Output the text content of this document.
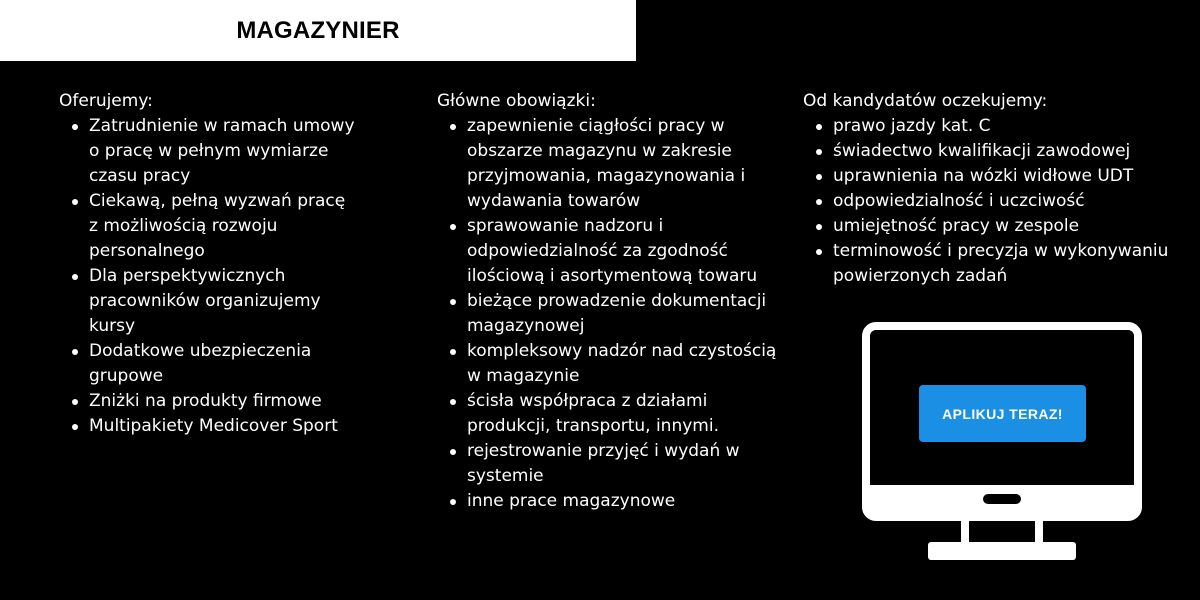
MAGAZYNIER

Oferujemy:

Zatrudnienie w ramach umowy o pracę w pełnym wymiarze czasu pracy
Ciekawą, pełną wyzwań pracę z możliwością rozwoju personalnego
Dla perspektywicznych pracowników organizujemy kursy
Dodatkowe ubezpieczenia grupowe
Zniżki na produkty firmowe
Multipakiety Medicover Sport

Główne obowiązki:

zapewnienie ciągłości pracy w obszarze magazynu w zakresie przyjmowania, magazynowania i wydawania towarów
sprawowanie nadzoru i odpowiedzialność za zgodność ilościową i asortymentową towaru
bieżące prowadzenie dokumentacji magazynowej
kompleksowy nadzór nad czystością w magazynie
ścisła współpraca z działami produkcji, transportu, innymi.
rejestrowanie przyjęć i wydań w systemie
inne prace magazynowe

Od kandydatów oczekujemy:

prawo jazdy kat. C
świadectwo kwalifikacji zawodowej
uprawnienia na wózki widłowe UDT
odpowiedzialność i uczciwość
umiejętność pracy w zespole
terminowość i precyzja w wykonywaniu powierzonych zadań
APLIKUJ TERAZ!
